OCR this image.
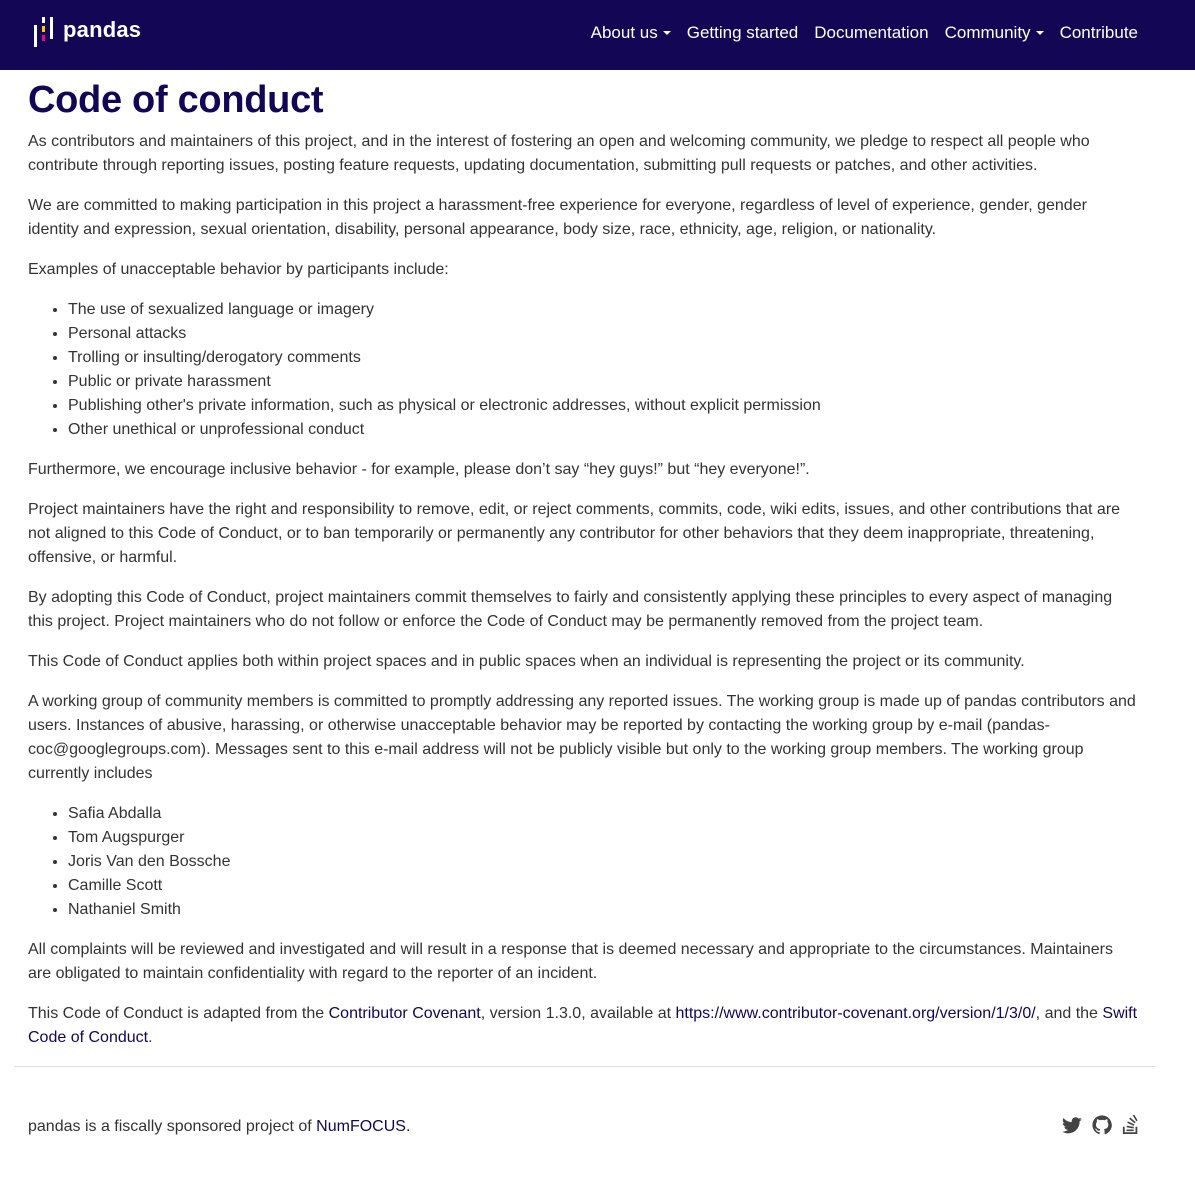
pandas	About us Getting started Documentation Community Contribute
Code of conduct

As contributors and maintainers of this project, and in the interest of fostering an open and welcoming community, we pledge to respect all people who contribute through reporting issues, posting feature requests, updating documentation, submitting pull requests or patches, and other activities.

We are committed to making participation in this project a harassment-free experience for everyone, regardless of level of experience, gender, gender identity and expression, sexual orientation, disability, personal appearance, body size, race, ethnicity, age, religion, or nationality.

Examples of unacceptable behavior by participants include:

• The use of sexualized language or imagery
• Personal attacks
• Trolling or insulting/derogatory comments
• Public or private harassment
• Publishing other's private information, such as physical or electronic addresses, without explicit permission
• Other unethical or unprofessional conduct

Furthermore, we encourage inclusive behavior - for example, please don’t say “hey guys!” but “hey everyone!”.

Project maintainers have the right and responsibility to remove, edit, or reject comments, commits, code, wiki edits, issues, and other contributions that are not aligned to this Code of Conduct, or to ban temporarily or permanently any contributor for other behaviors that they deem inappropriate, threatening, offensive, or harmful.

By adopting this Code of Conduct, project maintainers commit themselves to fairly and consistently applying these principles to every aspect of managing this project. Project maintainers who do not follow or enforce the Code of Conduct may be permanently removed from the project team.

This Code of Conduct applies both within project spaces and in public spaces when an individual is representing the project or its community.

A working group of community members is committed to promptly addressing any reported issues. The working group is made up of pandas contributors and users. Instances of abusive, harassing, or otherwise unacceptable behavior may be reported by contacting the working group by e-mail (pandas-coc@googlegroups.com). Messages sent to this e-mail address will not be publicly visible but only to the working group members. The working group currently includes

• Safia Abdalla
• Tom Augspurger
• Joris Van den Bossche
• Camille Scott
• Nathaniel Smith

All complaints will be reviewed and investigated and will result in a response that is deemed necessary and appropriate to the circumstances. Maintainers are obligated to maintain confidentiality with regard to the reporter of an incident.

This Code of Conduct is adapted from the Contributor Covenant, version 1.3.0, available at https://www.contributor-covenant.org/version/1/3/0/, and the Swift Code of Conduct.

pandas is a fiscally sponsored project of NumFOCUS.
